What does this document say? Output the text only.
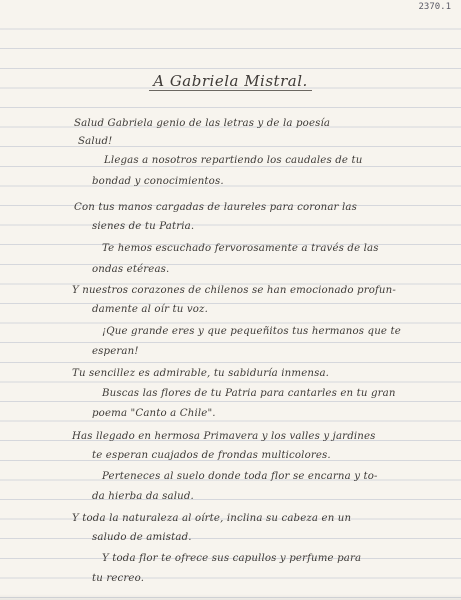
2370.1
A Gabriela Mistral.
Salud Gabriela genio de las letras y de la poesía
Salud!
Llegas a nosotros repartiendo los caudales de tu
bondad y conocimientos.
Con tus manos cargadas de laureles para coronar las
sienes de tu Patria.
Te hemos escuchado fervorosamente a través de las
ondas etéreas.
Y nuestros corazones de chilenos se han emocionado profun-
damente al oír tu voz.
¡Que grande eres y que pequeñitos tus hermanos que te
esperan!
Tu sencillez es admirable, tu sabiduría inmensa.
Buscas las flores de tu Patria para cantarles en tu gran
poema "Canto a Chile".
Has llegado en hermosa Primavera y los valles y jardines
te esperan cuajados de frondas multicolores.
Perteneces al suelo donde toda flor se encarna y to-
da hierba da salud.
Y toda la naturaleza al oírte, inclina su cabeza en un
saludo de amistad.
Y toda flor te ofrece sus capullos y perfume para
tu recreo.
